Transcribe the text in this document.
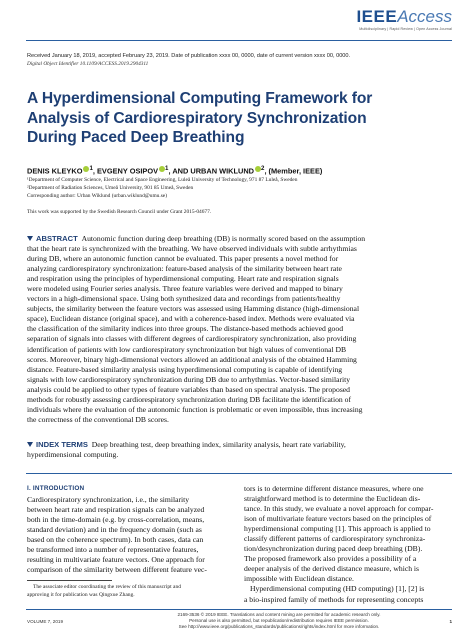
IEEEAccess
Multidisciplinary | Rapid Review | Open Access Journal
Received January 18, 2019, accepted February 23, 2019. Date of publication xxxx 00, 0000, date of current version xxxx 00, 0000.
Digital Object Identifier 10.1109/ACCESS.2019.2904311
A Hyperdimensional Computing Framework for
Analysis of Cardiorespiratory Synchronization
During Paced Deep Breathing
DENIS KLEYKO $^1$, EVGENY OSIPOV $^1$, AND URBAN WIKLUND $^2$, (Member, IEEE)
¹Department of Computer Science, Electrical and Space Engineering, Luleå University of Technology, 971 87 Luleå, Sweden
²Department of Radiation Sciences, Umeå University, 901 85 Umeå, Sweden
Corresponding author: Urban Wiklund (urban.wiklund@umu.se)
This work was supported by the Swedish Research Council under Grant 2015-04677.
ABSTRACT Autonomic function during deep breathing (DB) is normally scored based on the assumption
that the heart rate is synchronized with the breathing. We have observed individuals with subtle arrhythmias
during DB, where an autonomic function cannot be evaluated. This paper presents a novel method for
analyzing cardiorespiratory synchronization: feature-based analysis of the similarity between heart rate
and respiration using the principles of hyperdimensional computing. Heart rate and respiration signals
were modeled using Fourier series analysis. Three feature variables were derived and mapped to binary
vectors in a high-dimensional space. Using both synthesized data and recordings from patients/healthy
subjects, the similarity between the feature vectors was assessed using Hamming distance (high-dimensional
space), Euclidean distance (original space), and with a coherence-based index. Methods were evaluated via
the classification of the similarity indices into three groups. The distance-based methods achieved good
separation of signals into classes with different degrees of cardiorespiratory synchronization, also providing
identification of patients with low cardiorespiratory synchronization but high values of conventional DB
scores. Moreover, binary high-dimensional vectors allowed an additional analysis of the obtained Hamming
distance. Feature-based similarity analysis using hyperdimensional computing is capable of identifying
signals with low cardiorespiratory synchronization during DB due to arrhythmias. Vector-based similarity
analysis could be applied to other types of feature variables than based on spectral analysis. The proposed
methods for robustly assessing cardiorespiratory synchronization during DB facilitate the identification of
individuals where the evaluation of the autonomic function is problematic or even impossible, thus increasing
the correctness of the conventional DB scores.
INDEX TERMS Deep breathing test, deep breathing index, similarity analysis, heart rate variability,
hyperdimensional computing.
I. INTRODUCTION
Cardiorespiratory synchronization, i.e., the similarity
between heart rate and respiration signals can be analyzed
both in the time-domain (e.g. by cross-correlation, means,
standard deviation) and in the frequency domain (such as
based on the coherence spectrum). In both cases, data can
be transformed into a number of representative features,
resulting in multivariate feature vectors. One approach for
comparison of the similarity between different feature vec-
tors is to determine different distance measures, where one
straightforward method is to determine the Euclidean dis-
tance. In this study, we evaluate a novel approach for compar-
ison of multivariate feature vectors based on the principles of
hyperdimensional computing [1]. This approach is applied to
classify different patterns of cardiorespiratory synchroniza-
tion/desynchronization during paced deep breathing (DB).
The proposed framework also provides a possibility of a
deeper analysis of the derived distance measure, which is
impossible with Euclidean distance.
Hyperdimensional computing (HD computing) [1], [2] is
a bio-inspired family of methods for representing concepts
The associate editor coordinating the review of this manuscript and
approving it for publication was Qingxue Zhang.
VOLUME 7, 2019
2169-3536 © 2019 IEEE. Translations and content mining are permitted for academic research only.
Personal use is also permitted, but republication/redistribution requires IEEE permission.
See http://www.ieee.org/publications_standards/publications/rights/index.html for more information.
1
